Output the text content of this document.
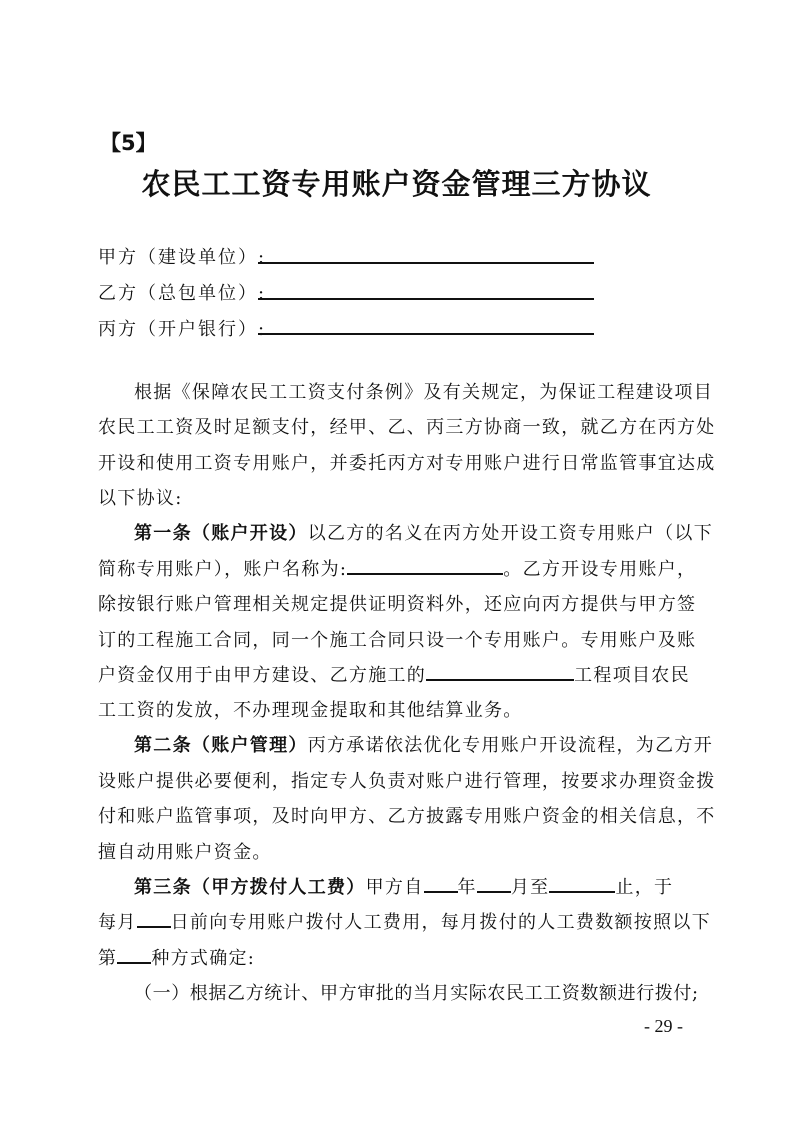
【5】
农民工工资专用账户资金管理三方协议
甲方（建设单位）:
乙方（总包单位）:
丙方（开户银行）:
根据《保障农民工工资支付条例》及有关规定，为保证工程建设项目
农民工工资及时足额支付，经甲、乙、丙三方协商一致，就乙方在丙方处
开设和使用工资专用账户，并委托丙方对专用账户进行日常监管事宜达成
以下协议:
第一条（账户开设）以乙方的名义在丙方处开设工资专用账户（以下
简称专用账户），账户名称为:	。乙方开设专用账户，
除按银行账户管理相关规定提供证明资料外，还应向丙方提供与甲方签
订的工程施工合同，同一个施工合同只设一个专用账户。专用账户及账
户资金仅用于由甲方建设、乙方施工的	工程项目农民
工工资的发放，不办理现金提取和其他结算业务。
第二条（账户管理）丙方承诺依法优化专用账户开设流程，为乙方开
设账户提供必要便利，指定专人负责对账户进行管理，按要求办理资金拨
付和账户监管事项，及时向甲方、乙方披露专用账户资金的相关信息，不
擅自动用账户资金。
第三条（甲方拨付人工费）甲方自 年 月至	止，于
每月 日前向专用账户拨付人工费用，每月拨付的人工费数额按照以下
第 种方式确定:
（一）根据乙方统计、甲方审批的当月实际农民工工资数额进行拨付;
- 29 -
